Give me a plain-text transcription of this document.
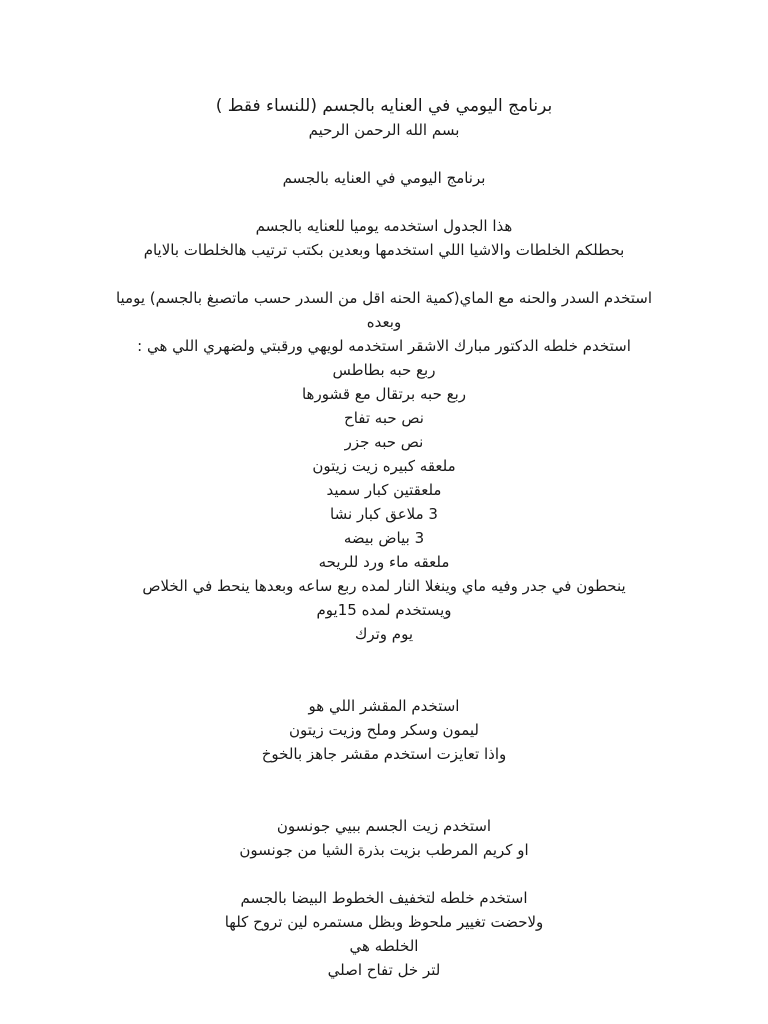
برنامج اليومي في العنايه بالجسم (للنساء فقط )
بسم الله الرحمن الرحيم
برنامج اليومي في العنايه بالجسم
هذا الجدول استخدمه يوميا للعنايه بالجسم
بحطلكم الخلطات والاشيا اللي استخدمها وبعدين بكتب ترتيب هالخلطات بالايام
استخدم السدر والحنه مع الماي(كمية الحنه اقل من السدر حسب ماتصبغ بالجسم) يوميا
وبعده
استخدم خلطه الدكتور مبارك الاشقر استخدمه لويهي ورقبتي ولضهري اللي هي :
ربع حبه بطاطس
ربع حبه برتقال مع قشورها
نص حبه تفاح
نص حبه جزر
ملعقه كبيره زيت زيتون
ملعقتين كبار سميد
3 ملاعق كبار نشا
3 بياض بيضه
ملعقه ماء ورد للريحه
ينحطون في جدر وفيه ماي وينغلا النار لمده ربع ساعه وبعدها ينحط في الخلاص
ويستخدم لمده 15يوم
يوم وترك
استخدم المقشر اللي هو
ليمون وسكر وملح وزيت زيتون
واذا تعايزت استخدم مقشر جاهز بالخوخ
استخدم زيت الجسم ببيي جونسون
او كريم المرطب بزيت بذرة الشيا من جونسون
استخدم خلطه لتخفيف الخطوط البيضا بالجسم
ولاحضت تغيير ملحوظ وبظل مستمره لين تروح كلها
الخلطه هي
لتر خل تفاح اصلي
